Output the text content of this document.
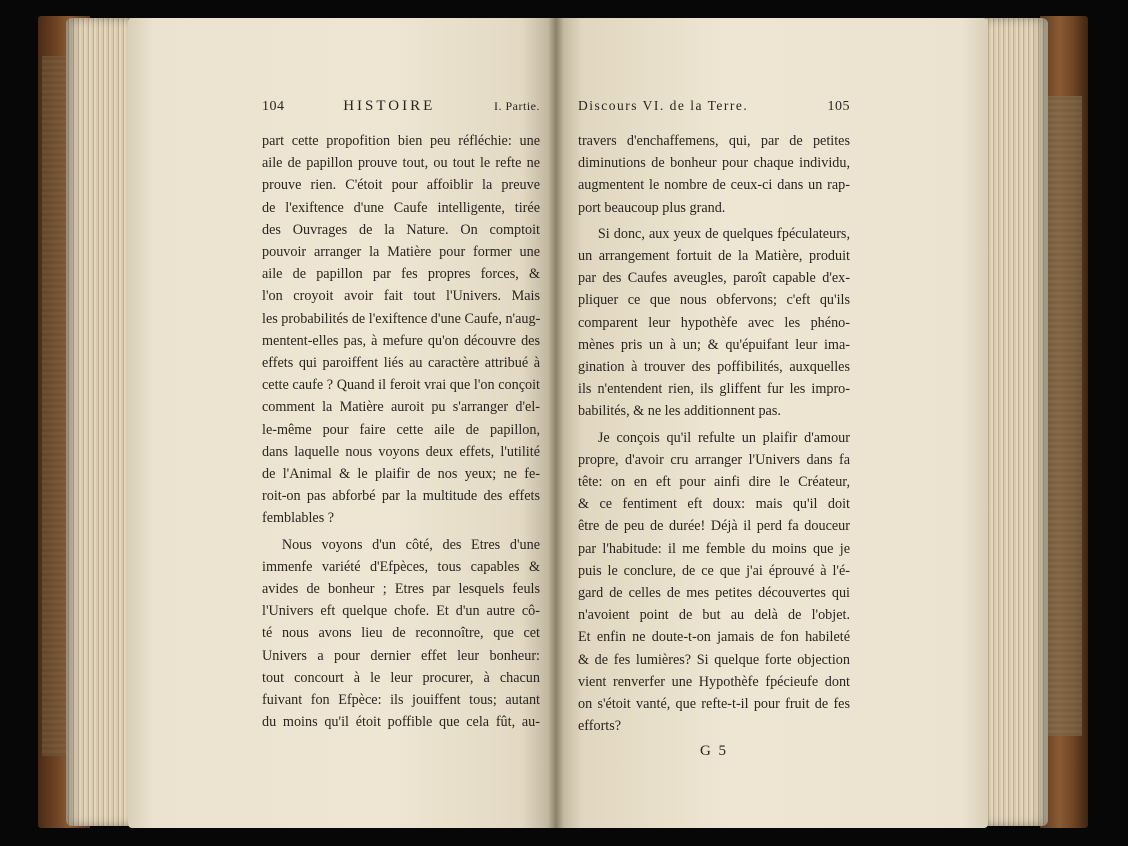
104	HISTOIRE	I. Partie.
part cette propofition bien peu réfléchie: une
aile de papillon prouve tout, ou tout le refte ne
prouve rien. C'étoit pour affoiblir la preuve
de l'exiftence d'une Caufe intelligente, tirée
des Ouvrages de la Nature. On comptoit
pouvoir arranger la Matière pour former une
aile de papillon par fes propres forces, &
l'on croyoit avoir fait tout l'Univers. Mais
les probabilités de l'exiftence d'une Caufe, n'aug-
mentent-elles pas, à mefure qu'on découvre des
effets qui paroiffent liés au caractère attribué à
cette caufe ? Quand il feroit vrai que l'on conçoit
comment la Matière auroit pu s'arranger d'el-
le-même pour faire cette aile de papillon,
dans laquelle nous voyons deux effets, l'utilité
de l'Animal & le plaifir de nos yeux; ne fe-
roit-on pas abforbé par la multitude des effets
femblables ?
Nous voyons d'un côté, des Etres d'une
immenfe variété d'Efpèces, tous capables &
avides de bonheur ; Etres par lesquels feuls
l'Univers eft quelque chofe. Et d'un autre cô-
té nous avons lieu de reconnoître, que cet
Univers a pour dernier effet leur bonheur:
tout concourt à le leur procurer, à chacun
fuivant fon Efpèce: ils jouiffent tous; autant
du moins qu'il étoit poffible que cela fût, au-
Discours VI. de la Terre.	105
travers d'enchaffemens, qui, par de petites
diminutions de bonheur pour chaque individu,
augmentent le nombre de ceux-ci dans un rap-
port beaucoup plus grand.
Si donc, aux yeux de quelques fpéculateurs,
un arrangement fortuit de la Matière, produit
par des Caufes aveugles, paroît capable d'ex-
pliquer ce que nous obfervons; c'eft qu'ils
comparent leur hypothèfe avec les phéno-
mènes pris un à un; & qu'épuifant leur ima-
gination à trouver des poffibilités, auxquelles
ils n'entendent rien, ils gliffent fur les impro-
babilités, & ne les additionnent pas.
Je conçois qu'il refulte un plaifir d'amour
propre, d'avoir cru arranger l'Univers dans fa
tête: on en eft pour ainfi dire le Créateur,
& ce fentiment eft doux: mais qu'il doit
être de peu de durée! Déjà il perd fa douceur
par l'habitude: il me femble du moins que je
puis le conclure, de ce que j'ai éprouvé à l'é-
gard de celles de mes petites découvertes qui
n'avoient point de but au delà de l'objet.
Et enfin ne doute-t-on jamais de fon habileté
& de fes lumières? Si quelque forte objection
vient renverfer une Hypothèfe fpécieufe dont
on s'étoit vanté, que refte-t-il pour fruit de fes
efforts?
G 5
